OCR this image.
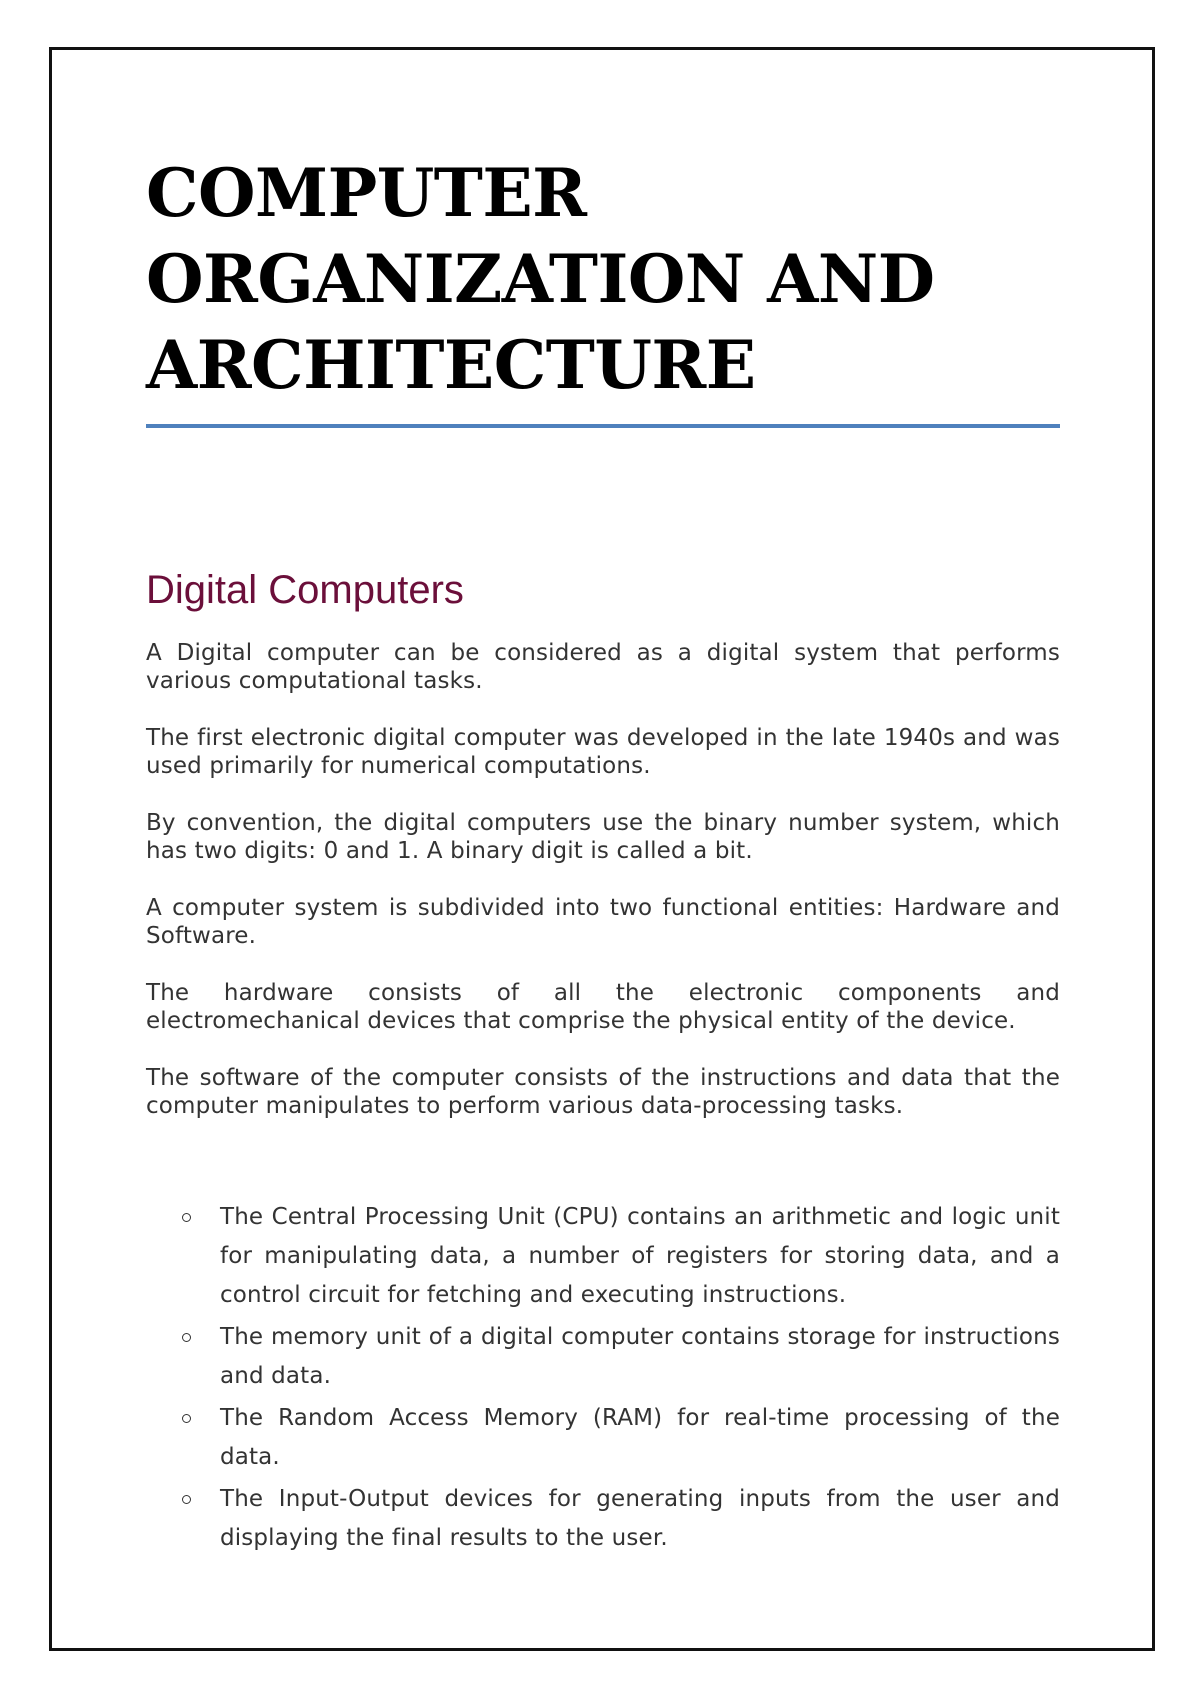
COMPUTER
ORGANIZATION AND
ARCHITECTURE
Digital Computers

A Digital computer can be considered as a digital system that performs various computational tasks.

The first electronic digital computer was developed in the late 1940s and was used primarily for numerical computations.

By convention, the digital computers use the binary number system, which has two digits: 0 and 1. A binary digit is called a bit.

A computer system is subdivided into two functional entities: Hardware and Software.

The hardware consists of all the electronic components and electromechanical devices that comprise the physical entity of the device.

The software of the computer consists of the instructions and data that the computer manipulates to perform various data-processing tasks.

The Central Processing Unit (CPU) contains an arithmetic and logic unit for manipulating data, a number of registers for storing data, and a control circuit for fetching and executing instructions.
The memory unit of a digital computer contains storage for instructions and data.
The Random Access Memory (RAM) for real-time processing of the data.
The Input-Output devices for generating inputs from the user and displaying the final results to the user.
